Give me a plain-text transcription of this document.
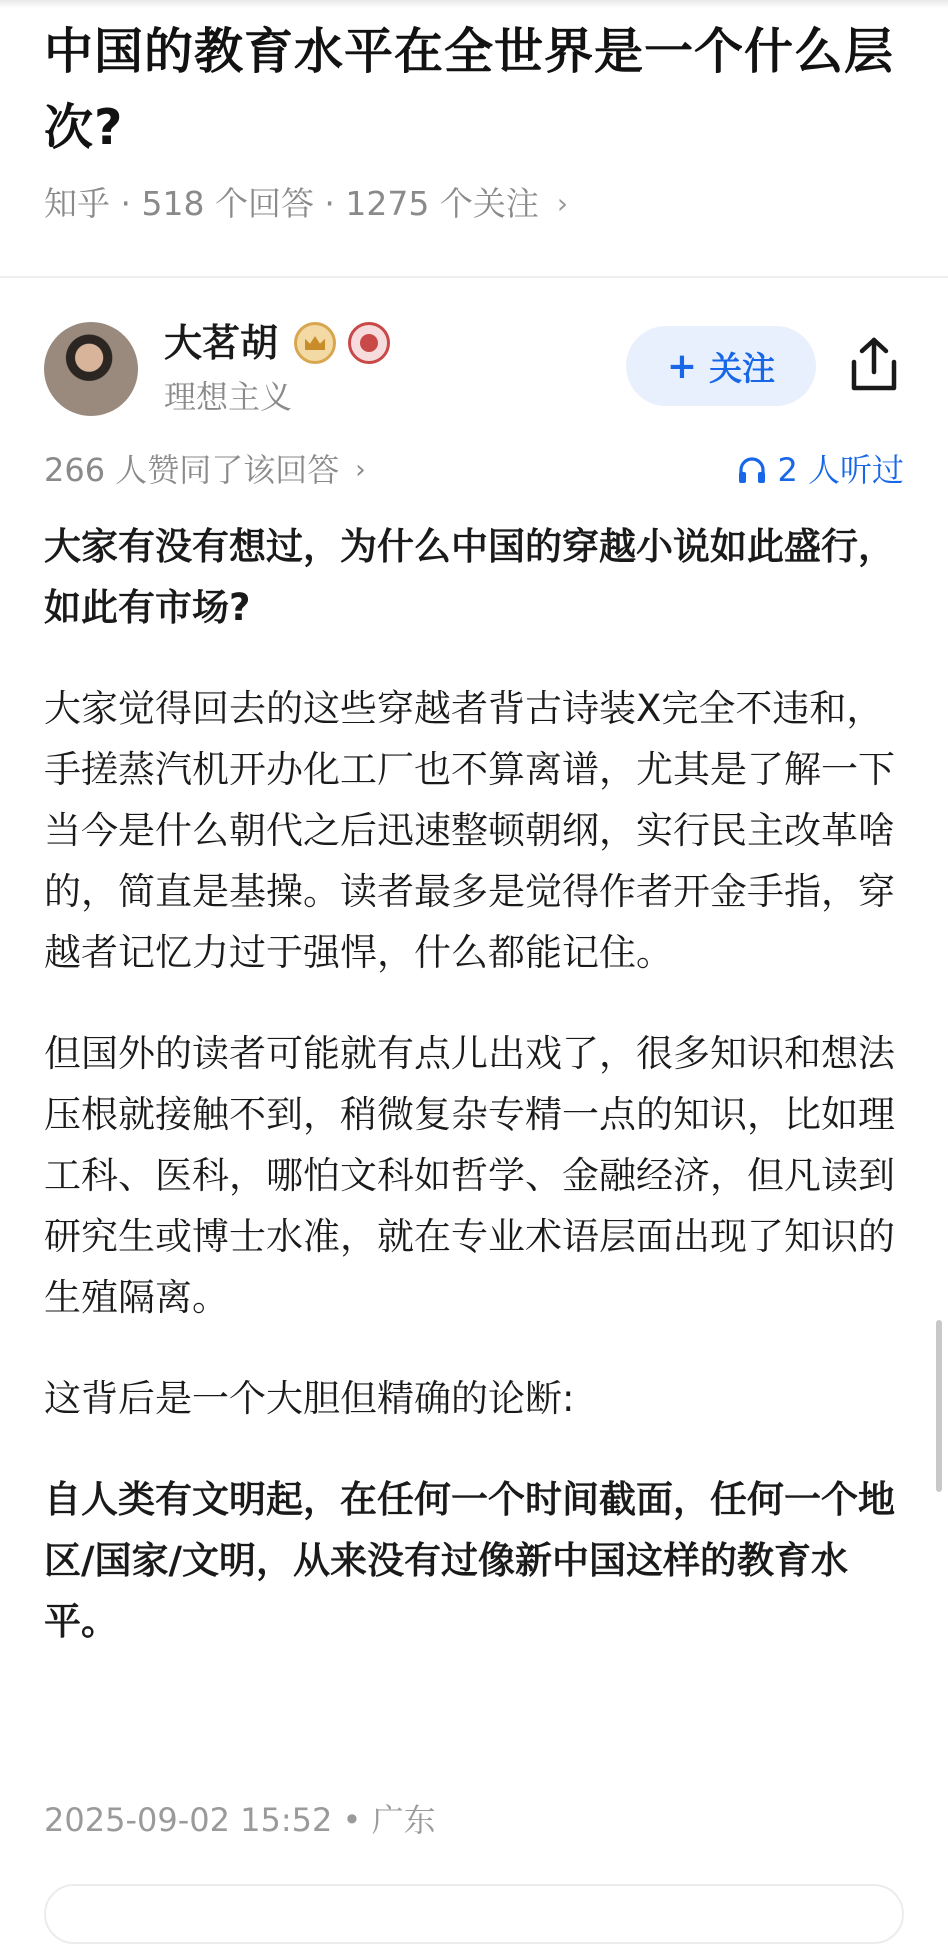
中国的教育水平在全世界是一个什么层次?
知乎 · 518 个回答 · 1275 个关注 ›
大茗胡
理想主义
+ 关注
266 人赞同了该回答 ›	2 人听过

大家有没有想过，为什么中国的穿越小说如此盛行，如此有市场?

大家觉得回去的这些穿越者背古诗装X完全不违和，手搓蒸汽机开办化工厂也不算离谱，尤其是了解一下当今是什么朝代之后迅速整顿朝纲，实行民主改革啥的，简直是基操。读者最多是觉得作者开金手指，穿越者记忆力过于强悍，什么都能记住。

但国外的读者可能就有点儿出戏了，很多知识和想法压根就接触不到，稍微复杂专精一点的知识，比如理工科、医科，哪怕文科如哲学、金融经济，但凡读到研究生或博士水准，就在专业术语层面出现了知识的生殖隔离。

这背后是一个大胆但精确的论断:

自人类有文明起，在任何一个时间截面，任何一个地区/国家/文明，从来没有过像新中国这样的教育水平。

2025-09-02 15:52 • 广东
